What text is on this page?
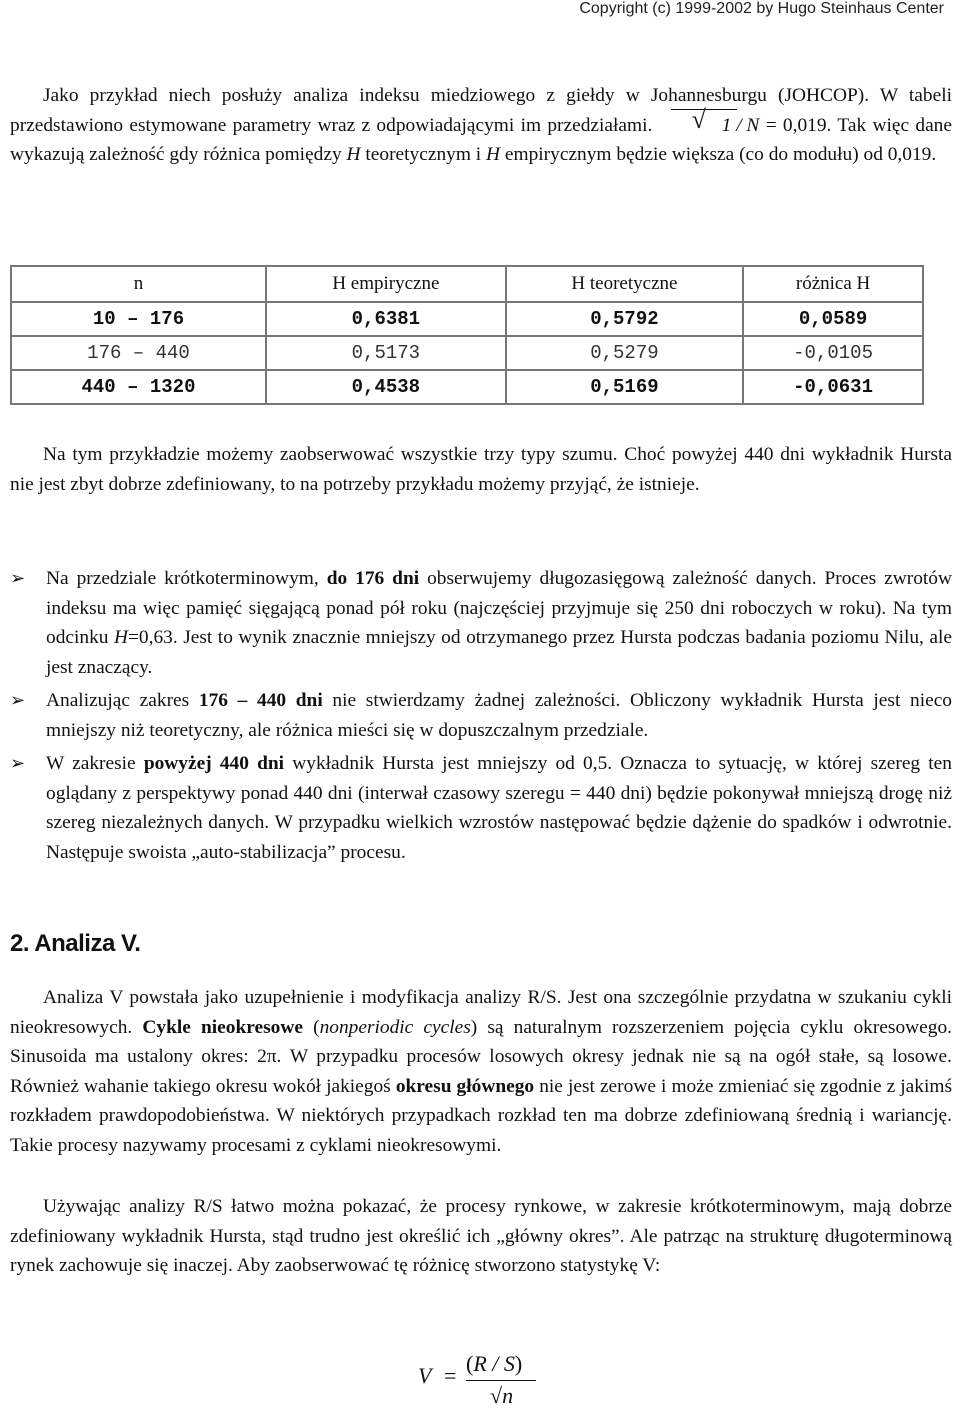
Copyright (c) 1999-2002 by Hugo Steinhaus Center

Jako przykład niech posłuży analiza indeksu miedziowego z giełdy w Johannesburgu (JOHCOP). W tabeli przedstawiono estymowane parametry wraz z odpowiadającymi im przedziałami.	√ 1 / N = 0,019. Tak więc dane wykazują zależność gdy różnica pomiędzy H teoretycznym i H empirycznym będzie większa (co do modułu) od 0,019.

n	H empiryczne	H teoretyczne	różnica H
10 – 176	0,6381	0,5792	0,0589
176 – 440	0,5173	0,5279	-0,0105
440 – 1320	0,4538	0,5169	-0,0631

Na tym przykładzie możemy zaobserwować wszystkie trzy typy szumu. Choć powyżej 440 dni wykładnik Hursta nie jest zbyt dobrze zdefiniowany, to na potrzeby przykładu możemy przyjąć, że istnieje.

➢	Na przedziale krótkoterminowym, do 176 dni obserwujemy długozasięgową zależność danych. Proces zwrotów indeksu ma więc pamięć sięgającą ponad pół roku (najczęściej przyjmuje się 250 dni roboczych w roku). Na tym odcinku H=0,63. Jest to wynik znacznie mniejszy od otrzymanego przez Hursta podczas badania poziomu Nilu, ale jest znaczący.
➢	Analizując zakres 176 – 440 dni nie stwierdzamy żadnej zależności. Obliczony wykładnik Hursta jest nieco mniejszy niż teoretyczny, ale różnica mieści się w dopuszczalnym przedziale.
➢	W zakresie powyżej 440 dni wykładnik Hursta jest mniejszy od 0,5. Oznacza to sytuację, w której szereg ten oglądany z perspektywy ponad 440 dni (interwał czasowy szeregu = 440 dni) będzie pokonywał mniejszą drogę niż szereg niezależnych danych. W przypadku wielkich wzrostów następować będzie dążenie do spadków i odwrotnie. Następuje swoista „auto-stabilizacja” procesu.
2. Analiza V.

Analiza V powstała jako uzupełnienie i modyfikacja analizy R/S. Jest ona szczególnie przydatna w szukaniu cykli nieokresowych. Cykle nieokresowe (nonperiodic cycles) są naturalnym rozszerzeniem pojęcia cyklu okresowego. Sinusoida ma ustalony okres: 2π. W przypadku procesów losowych okresy jednak nie są na ogół stałe, są losowe. Również wahanie takiego okresu wokół jakiegoś okresu głównego nie jest zerowe i może zmieniać się zgodnie z jakimś rozkładem prawdopodobieństwa. W niektórych przypadkach rozkład ten ma dobrze zdefiniowaną średnią i wariancję. Takie procesy nazywamy procesami z cyklami nieokresowymi.

Używając analizy R/S łatwo można pokazać, że procesy rynkowe, w zakresie krótkoterminowym, mają dobrze zdefiniowany wykładnik Hursta, stąd trudno jest określić ich „główny okres”. Ale patrząc na strukturę długoterminową rynek zachowuje się inaczej. Aby zaobserwować tę różnicę stworzono statystykę V:

V = (R / S)
√n
